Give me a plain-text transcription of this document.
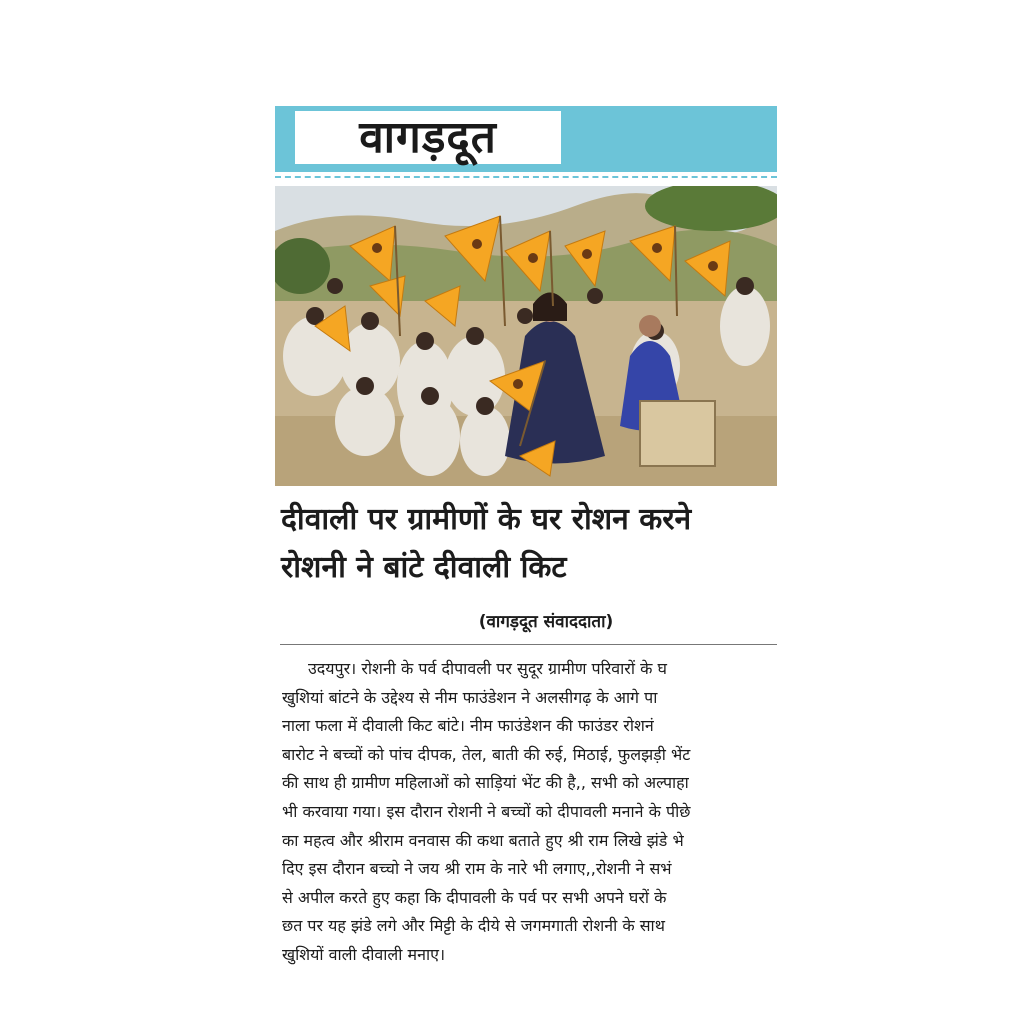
वागड़दूत
दीवाली पर ग्रामीणों के घर रोशन करने
रोशनी ने बांटे दीवाली किट
(वागड़दूत संवाददाता)
उदयपुर। रोशनी के पर्व दीपावली पर सुदूर ग्रामीण परिवारों के घ
खुशियां बांटने के उद्देश्य से नीम फाउंडेशन ने अलसीगढ़ के आगे पा
नाला फला में दीवाली किट बांटे। नीम फाउंडेशन की फाउंडर रोशनं
बारोट ने बच्चों को पांच दीपक, तेल, बाती की रुई, मिठाई, फुलझड़ी भेंट
की साथ ही ग्रामीण महिलाओं को साड़ियां भेंट की है,, सभी को अल्पाहा
भी करवाया गया। इस दौरान रोशनी ने बच्चों को दीपावली मनाने के पीछे
का महत्व और श्रीराम वनवास की कथा बताते हुए श्री राम लिखे झंडे भे
दिए इस दौरान बच्चो ने जय श्री राम के नारे भी लगाए,,रोशनी ने सभं
से अपील करते हुए कहा कि दीपावली के पर्व पर सभी अपने घरों के
छत पर यह झंडे लगे और मिट्टी के दीये से जगमगाती रोशनी के साथ
खुशियों वाली दीवाली मनाए।
